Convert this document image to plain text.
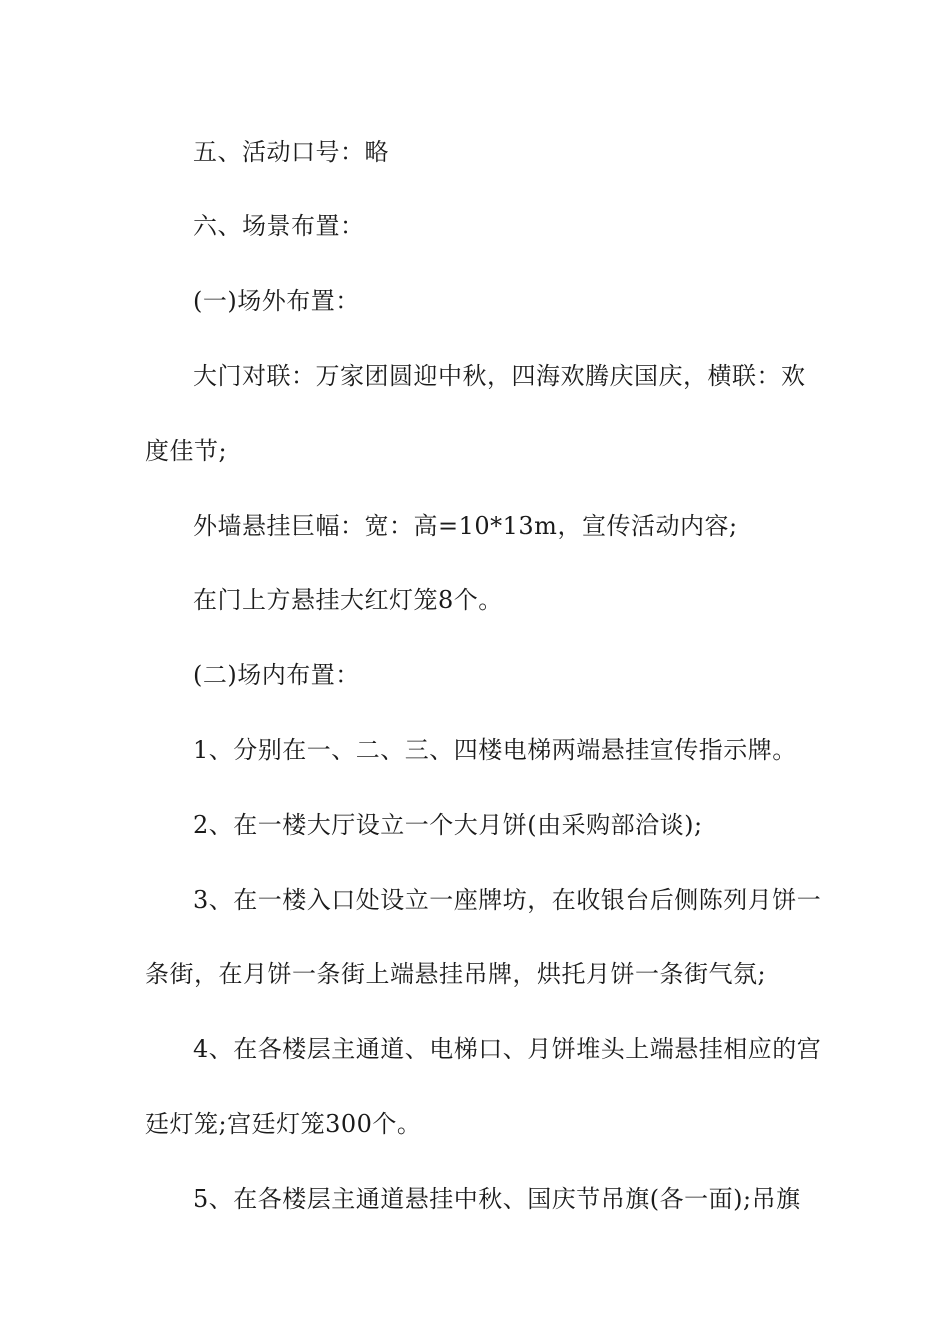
五、活动口号：略
六、场景布置：
(一)场外布置：
大门对联：万家团圆迎中秋，四海欢腾庆国庆，横联：欢
度佳节;
外墙悬挂巨幅：宽：高=10*13m，宣传活动内容;
在门上方悬挂大红灯笼8个。
(二)场内布置：
1、分别在一、二、三、四楼电梯两端悬挂宣传指示牌。
2、在一楼大厅设立一个大月饼(由采购部洽谈);
3、在一楼入口处设立一座牌坊，在收银台后侧陈列月饼一
条街，在月饼一条街上端悬挂吊牌，烘托月饼一条街气氛;
4、在各楼层主通道、电梯口、月饼堆头上端悬挂相应的宫
廷灯笼;宫廷灯笼300个。
5、在各楼层主通道悬挂中秋、国庆节吊旗(各一面);吊旗
